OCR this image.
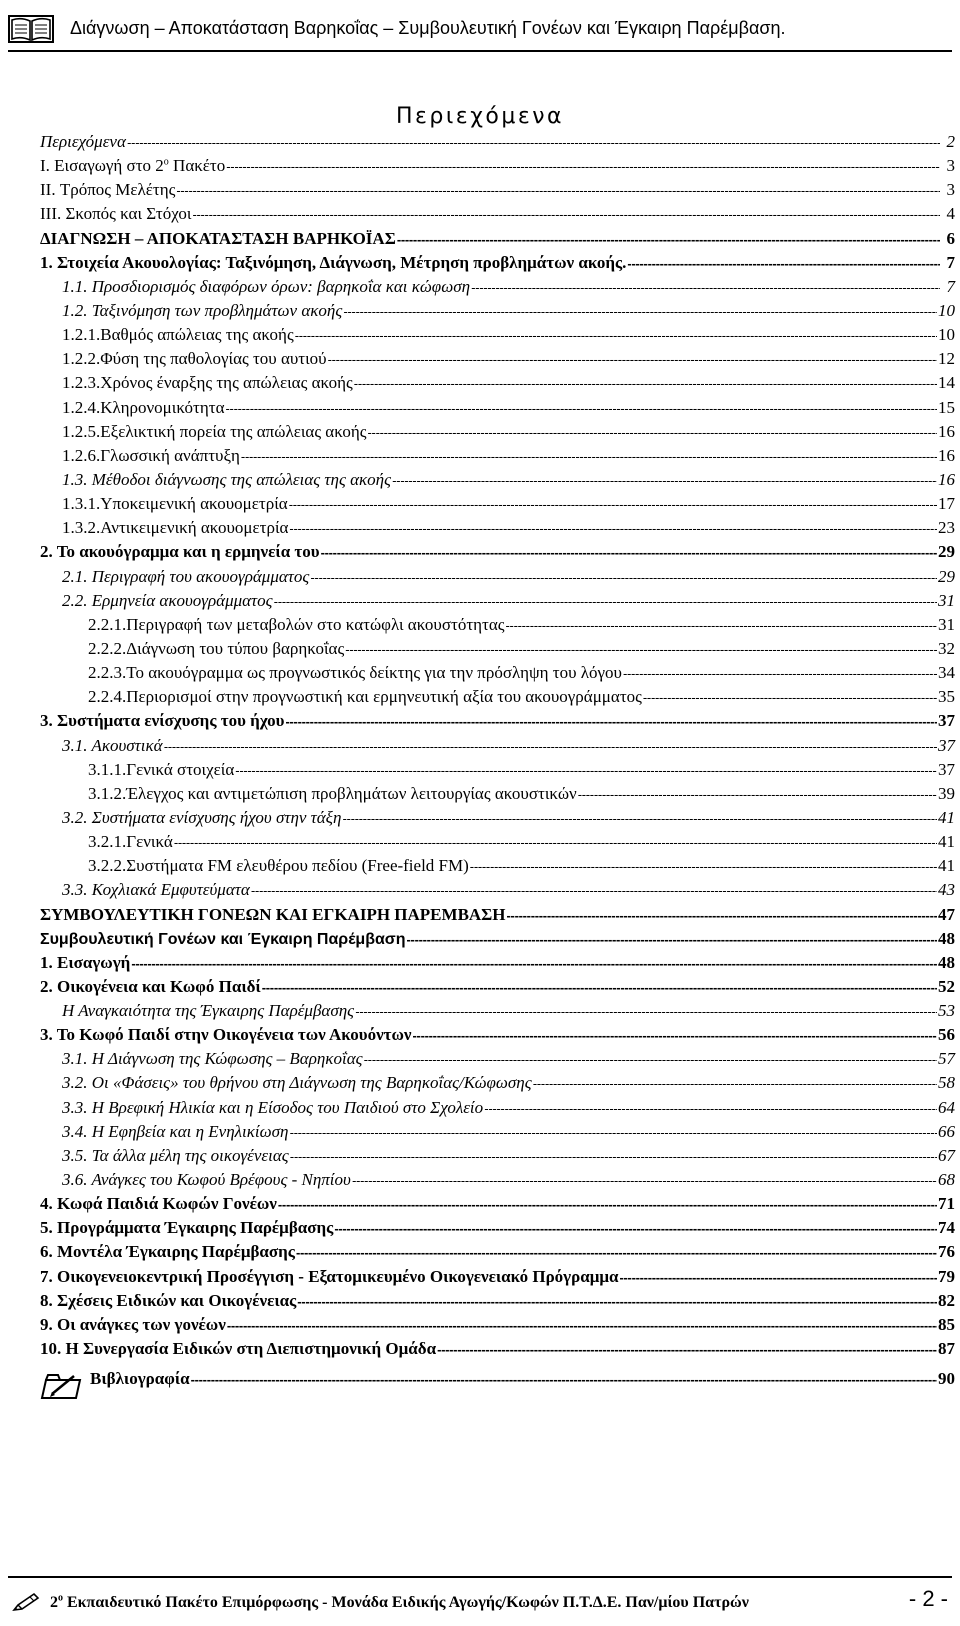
Διάγνωση – Αποκατάσταση Βαρηκοΐας – Συμβουλευτική Γονέων και Έγκαιρη Παρέμβαση.
Περιεχόμενα
Περιεχόμενα -----	2
I. Εισαγωγή στο $2^o$ Πακέτο -----	3
II. Τρόπος Μελέτης -----	3
III. Σκοπός και Στόχοι -----	4
ΔΙΑΓΝΩΣΗ – ΑΠΟΚΑΤΑΣΤΑΣΗ ΒΑΡΗΚΟΪΑΣ -----	6
1. Στοιχεία Ακουολογίας: Ταξινόμηση, Διάγνωση, Μέτρηση προβλημάτων ακοής. -----	7
1.1. Προσδιορισμός διαφόρων όρων: βαρηκοΐα και κώφωση -----	7
1.2. Ταξινόμηση των προβλημάτων ακοής -----	10
1.2.1.Βαθμός απώλειας της ακοής -----	10
1.2.2.Φύση της παθολογίας του αυτιού -----	12
1.2.3.Χρόνος έναρξης της απώλειας ακοής -----	14
1.2.4.Κληρονομικότητα -----	15
1.2.5.Εξελικτική πορεία της απώλειας ακοής -----	16
1.2.6.Γλωσσική ανάπτυξη -----	16
1.3. Μέθοδοι διάγνωσης της απώλειας της ακοής -----	16
1.3.1.Υποκειμενική ακουομετρία -----	17
1.3.2.Αντικειμενική ακουομετρία -----	23
2. Το ακουόγραμμα και η ερμηνεία του -----	29
2.1. Περιγραφή του ακουογράμματος -----	29
2.2. Ερμηνεία ακουογράμματος -----	31
2.2.1.Περιγραφή των μεταβολών στο κατώφλι ακουστότητας -----	31
2.2.2.Διάγνωση του τύπου βαρηκοΐας -----	32
2.2.3.Το ακουόγραμμα ως προγνωστικός δείκτης για την πρόσληψη του λόγου -----	34
2.2.4.Περιορισμοί στην προγνωστική και ερμηνευτική αξία του ακουογράμματος -----	35
3. Συστήματα ενίσχυσης του ήχου -----	37
3.1. Ακουστικά -----	37
3.1.1.Γενικά στοιχεία -----	37
3.1.2.Έλεγχος και αντιμετώπιση προβλημάτων λειτουργίας ακουστικών -----	39
3.2. Συστήματα ενίσχυσης ήχου στην τάξη -----	41
3.2.1.Γενικά -----	41
3.2.2.Συστήματα FM ελευθέρου πεδίου (Free-field FM) -----	41
3.3. Κοχλιακά Εμφυτεύματα -----	43
ΣΥΜΒΟΥΛΕΥΤΙΚΗ ΓΟΝΕΩΝ ΚΑΙ ΕΓΚΑΙΡΗ ΠΑΡΕΜΒΑΣΗ -----	47
Συμβουλευτική Γονέων και Έγκαιρη Παρέμβαση -----	48
1. Εισαγωγή -----	48
2. Οικογένεια και Κωφό Παιδί -----	52
Η Αναγκαιότητα της Έγκαιρης Παρέμβασης -----	53
3. Το Κωφό Παιδί στην Οικογένεια των Ακουόντων -----	56
3.1. Η Διάγνωση της Κώφωσης – Βαρηκοΐας -----	57
3.2. Οι «Φάσεις» του θρήνου στη Διάγνωση της Βαρηκοΐας/Κώφωσης -----	58
3.3. Η Βρεφική Ηλικία και η Είσοδος του Παιδιού στο Σχολείο -----	64
3.4. Η Εφηβεία και η Ενηλικίωση -----	66
3.5. Τα άλλα μέλη της οικογένειας -----	67
3.6. Ανάγκες του Κωφού Βρέφους - Νηπίου -----	68
4. Κωφά Παιδιά Κωφών Γονέων -----	71
5. Προγράμματα Έγκαιρης Παρέμβασης -----	74
6. Μοντέλα Έγκαιρης Παρέμβασης -----	76
7. Οικογενειοκεντρική Προσέγγιση - Εξατομικευμένο Οικογενειακό Πρόγραμμα -----	79
8. Σχέσεις Ειδικών και Οικογένειας -----	82
9. Οι ανάγκες των γονέων -----	85
10. Η Συνεργασία Ειδικών στη Διεπιστημονική Ομάδα -----	87
Βιβλιογραφία -----	90
$2^o$ Εκπαιδευτικό Πακέτο Επιμόρφωσης - Μονάδα Ειδικής Αγωγής/Κωφών Π.Τ.Δ.Ε. Παν/μίου Πατρών	- 2 -
